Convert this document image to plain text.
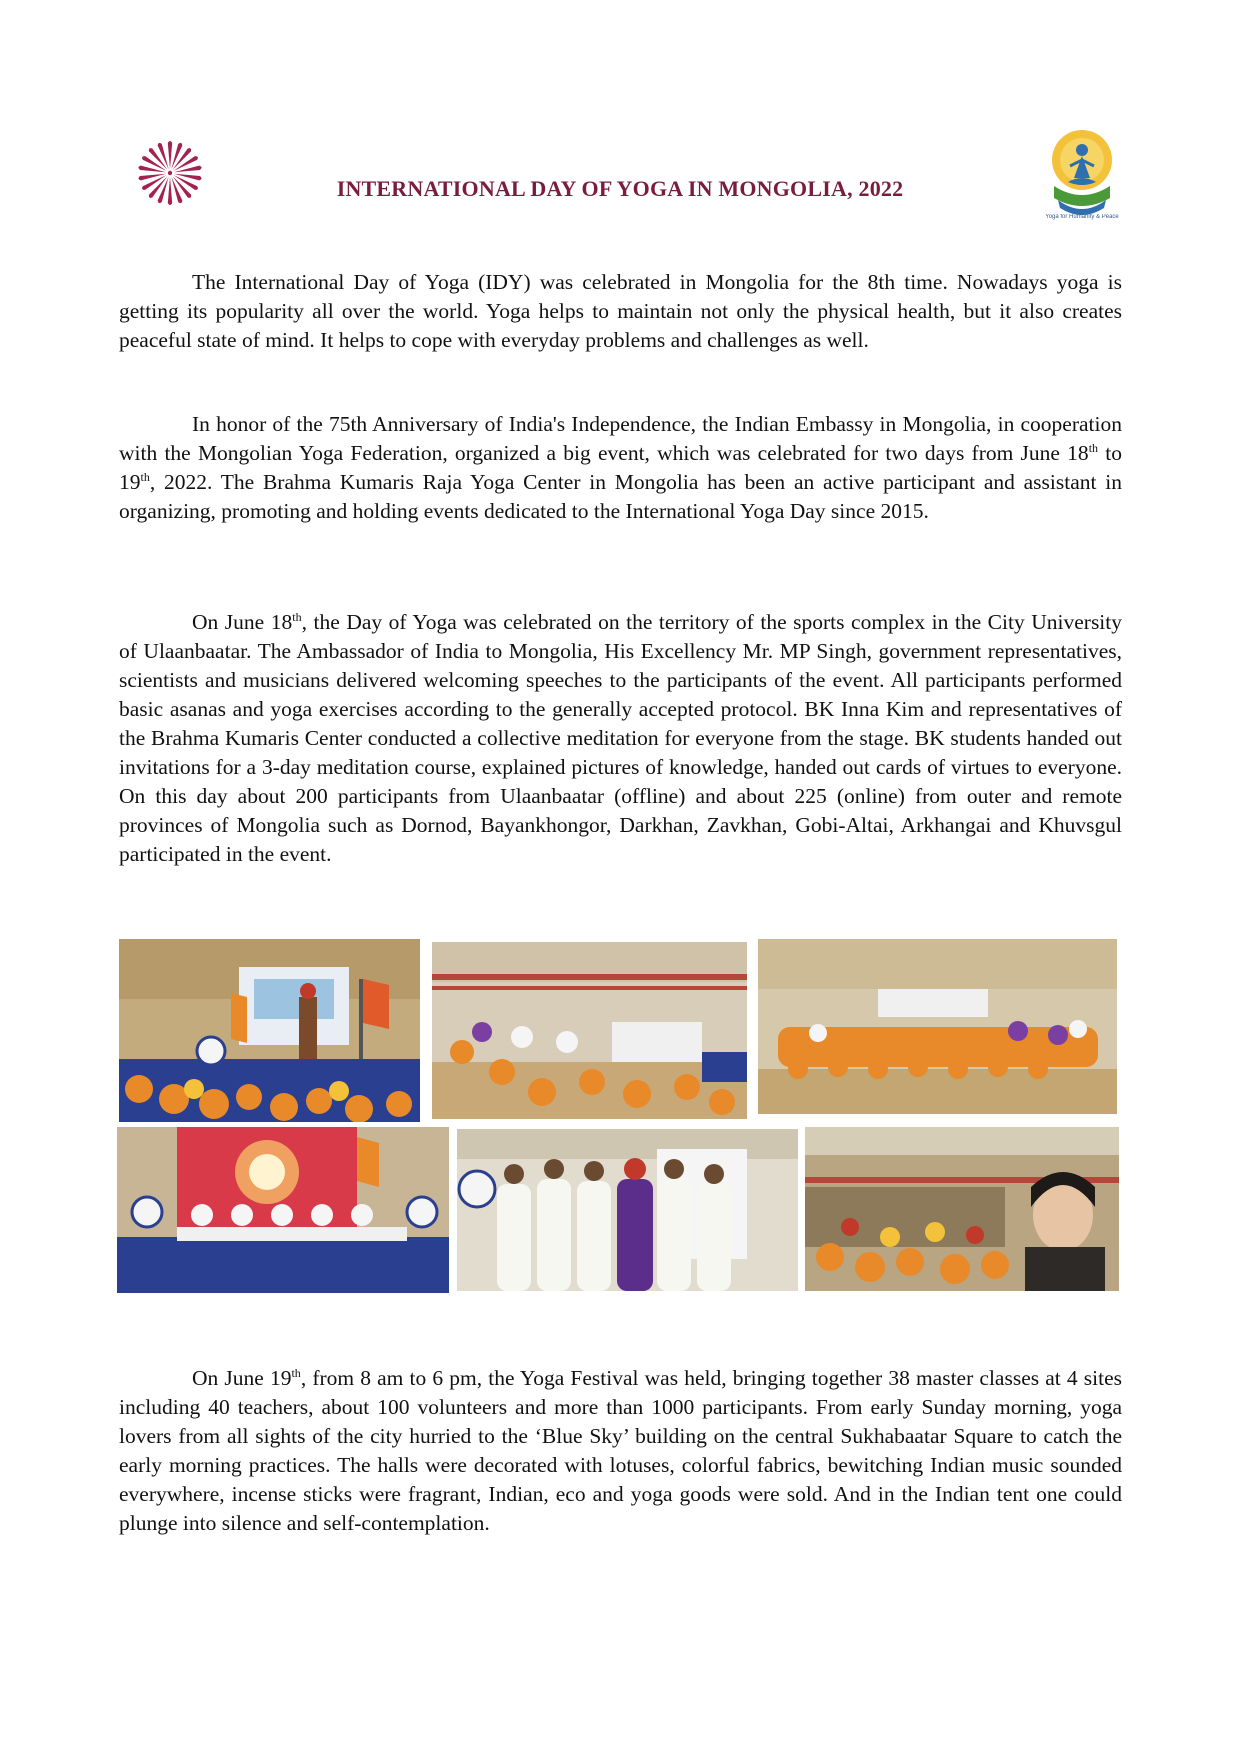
INTERNATIONAL DAY OF YOGA IN MONGOLIA, 2022
Yoga for Humanity & Peace
The International Day of Yoga (IDY) was celebrated in Mongolia for the 8th time. Nowadays yoga is getting its popularity all over the world. Yoga helps to maintain not only the physical health, but it also creates peaceful state of mind. It helps to cope with everyday problems and challenges as well.
In honor of the 75th Anniversary of India's Independence, the Indian Embassy in Mongolia, in cooperation with the Mongolian Yoga Federation, organized a big event, which was celebrated for two days from June 18th to 19th, 2022. The Brahma Kumaris Raja Yoga Center in Mongolia has been an active participant and assistant in organizing, promoting and holding events dedicated to the International Yoga Day since 2015.
On June 18th, the Day of Yoga was celebrated on the territory of the sports complex in the City University of Ulaanbaatar. The Ambassador of India to Mongolia, His Excellency Mr. MP Singh, government representatives, scientists and musicians delivered welcoming speeches to the participants of the event. All participants performed basic asanas and yoga exercises according to the generally accepted protocol. BK Inna Kim and representatives of the Brahma Kumaris Center conducted a collective meditation for everyone from the stage. BK students handed out invitations for a 3-day meditation course, explained pictures of knowledge, handed out cards of virtues to everyone. On this day about 200 participants from Ulaanbaatar (offline) and about 225 (online) from outer and remote provinces of Mongolia such as Dornod, Bayankhongor, Darkhan, Zavkhan, Gobi-Altai, Arkhangai and Khuvsgul participated in the event.
On June 19th, from 8 am to 6 pm, the Yoga Festival was held, bringing together 38 master classes at 4 sites including 40 teachers, about 100 volunteers and more than 1000 participants. From early Sunday morning, yoga lovers from all sights of the city hurried to the ‘Blue Sky’ building on the central Sukhabaatar Square to catch the early morning practices. The halls were decorated with lotuses, colorful fabrics, bewitching Indian music sounded everywhere, incense sticks were fragrant, Indian, eco and yoga goods were sold. And in the Indian tent one could plunge into silence and self-contemplation.
